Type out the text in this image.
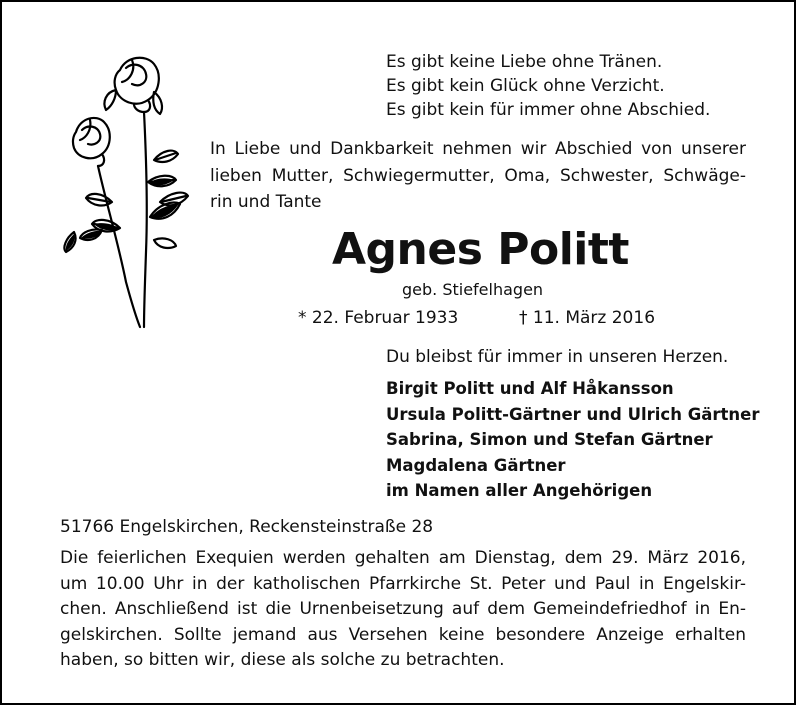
Es gibt keine Liebe ohne Tränen.
Es gibt kein Glück ohne Verzicht.
Es gibt kein für immer ohne Abschied.
In Liebe und Dankbarkeit nehmen wir Abschied von unserer
lieben Mutter, Schwiegermutter, Oma, Schwester, Schwäge-
rin und Tante
Agnes Politt
geb. Stiefelhagen
* 22. Februar 1933	† 11. März 2016
Du bleibst für immer in unseren Herzen.
Birgit Politt und Alf Håkansson
Ursula Politt-Gärtner und Ulrich Gärtner
Sabrina, Simon und Stefan Gärtner
Magdalena Gärtner
im Namen aller Angehörigen
51766 Engelskirchen, Reckensteinstraße 28
Die feierlichen Exequien werden gehalten am Dienstag, dem 29. März 2016,
um 10.00 Uhr in der katholischen Pfarrkirche St. Peter und Paul in Engelskir-
chen. Anschließend ist die Urnenbeisetzung auf dem Gemeindefriedhof in En-
gelskirchen. Sollte jemand aus Versehen keine besondere Anzeige erhalten
haben, so bitten wir, diese als solche zu betrachten.
